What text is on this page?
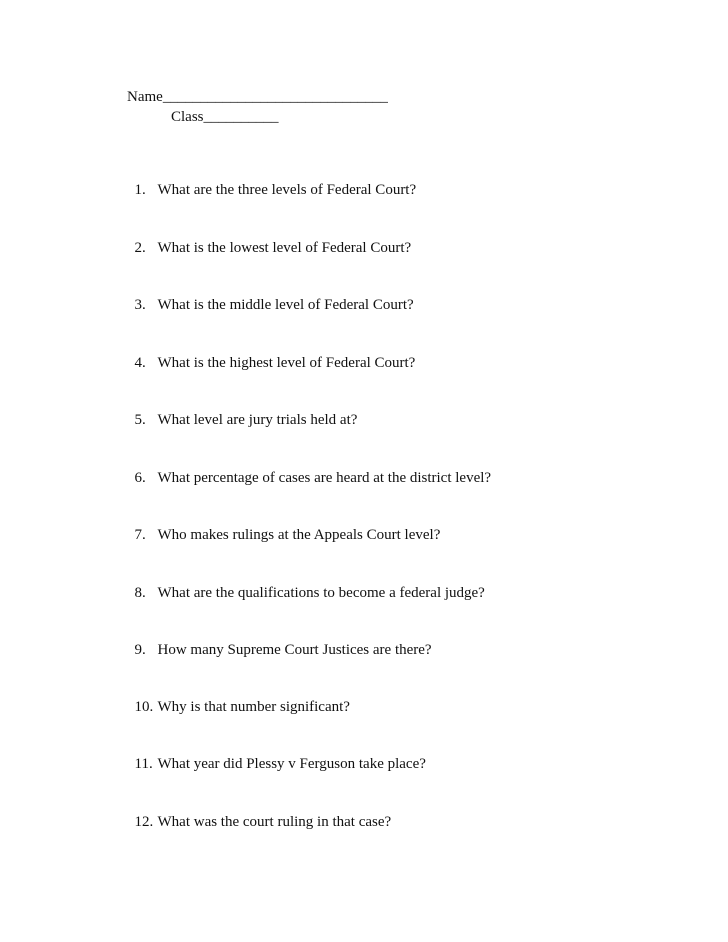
Name______________________________
Class__________

1. What are the three levels of Federal Court?

2. What is the lowest level of Federal Court?

3. What is the middle level of Federal Court?

4. What is the highest level of Federal Court?

5. What level are jury trials held at?

6. What percentage of cases are heard at the district level?

7. Who makes rulings at the Appeals Court level?

8. What are the qualifications to become a federal judge?

9. How many Supreme Court Justices are there?

10. Why is that number significant?

11. What year did Plessy v Ferguson take place?

12. What was the court ruling in that case?
